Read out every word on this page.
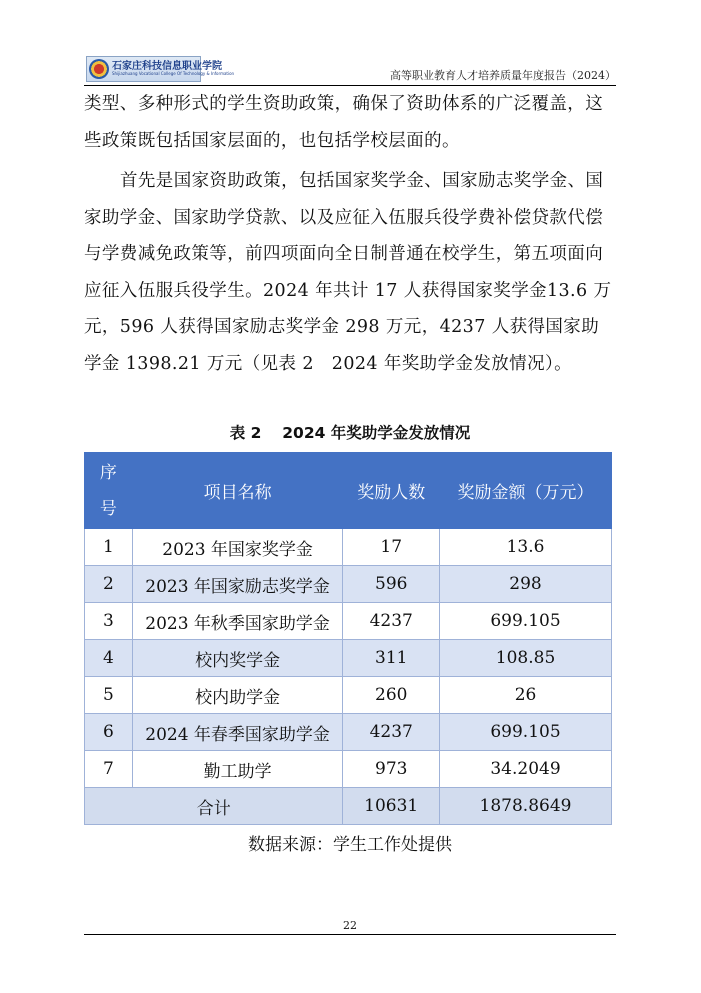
石家庄科技信息职业学院
Shijiazhuang Vocational College Of Technology & Information	高等职业教育人才培养质量年度报告（2024）

类型、多种形式的学生资助政策，确保了资助体系的广泛覆盖，这些政策既包括国家层面的，也包括学校层面的。

首先是国家资助政策，包括国家奖学金、国家励志奖学金、国家助学金、国家助学贷款、以及应征入伍服兵役学费补偿贷款代偿与学费减免政策等，前四项面向全日制普通在校学生，第五项面向应征入伍服兵役学生。2024 年共计 17 人获得国家奖学金13.6 万元，596 人获得国家励志奖学金 298 万元，4237 人获得国家助学金 1398.21 万元（见表 2　2024 年奖助学金发放情况）。

表 2　 2024 年奖助学金发放情况
序号	项目名称	奖励人数	奖励金额（万元）
1	2023 年国家奖学金	17	13.6
2	2023 年国家励志奖学金	596	298
3	2023 年秋季国家助学金	4237	699.105
4	校内奖学金	311	108.85
5	校内助学金	260	26
6	2024 年春季国家助学金	4237	699.105
7	勤工助学	973	34.2049
合计		10631	1878.8649
数据来源：学生工作处提供
22
